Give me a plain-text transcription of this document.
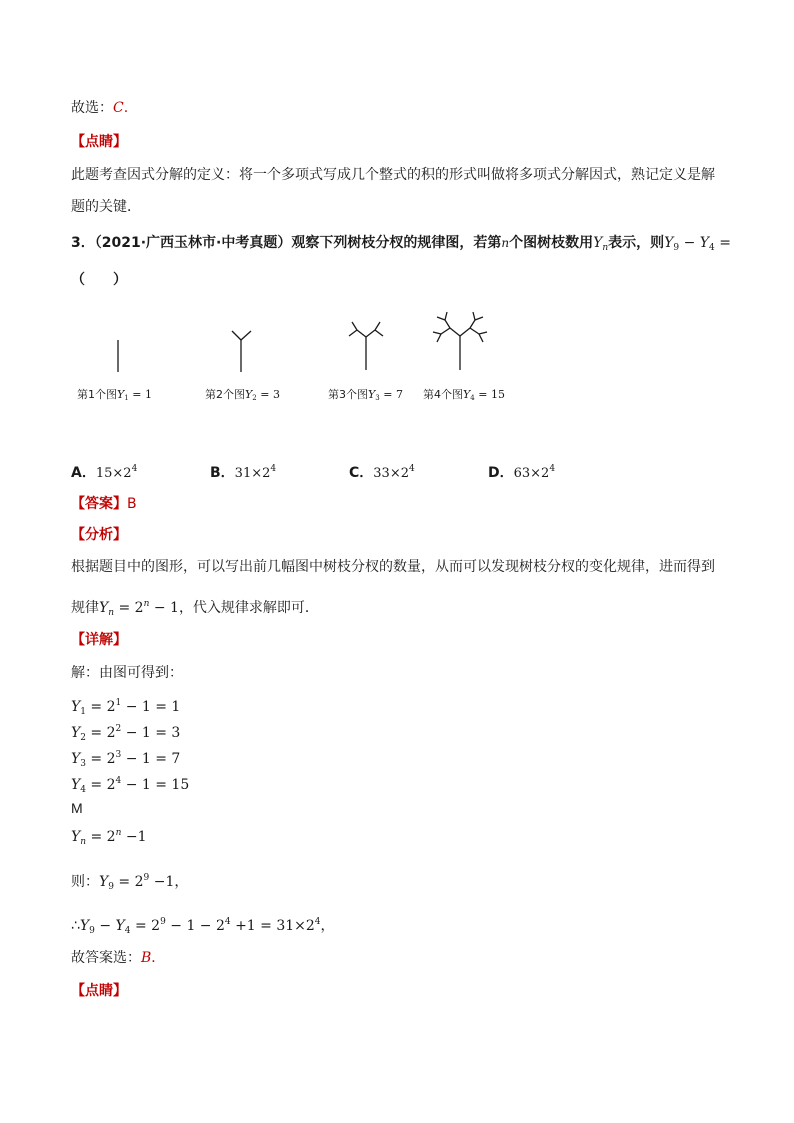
故选：C.
【点睛】
此题考查因式分解的定义：将一个多项式写成几个整式的积的形式叫做将多项式分解因式，熟记定义是解
题的关键．
3．（2021·广西玉林市·中考真题）观察下列树枝分杈的规律图，若第n个图树枝数用$Y_n$表示，则$Y_9 - Y_4$ =
（　　）
第1个图$Y_1 = 1$	第2个图$Y_2 = 3$	第3个图$Y_3 = 7$ 第4个图$Y_4 = 15$
A．$15\times 2^4$	B．$31\times 2^4$	C．$33\times 2^4$	D．$63\times 2^4$
【答案】B
【分析】
根据题目中的图形，可以写出前几幅图中树枝分杈的数量，从而可以发现树枝分杈的变化规律，进而得到
规律$Y_n = 2^n - 1$，代入规律求解即可．
【详解】
解：由图可得到：
$Y_1 = 2^1 - 1 = 1$
$Y_2 = 2^2 - 1 = 3$
$Y_3 = 2^3 - 1 = 7$
$Y_4 = 2^4 - 1 = 15$
M
$Y_n = 2^n -1$
则：$Y_9 = 2^9 -1$，
$\therefore Y_9 - Y_4 = 2^9 - 1 - 2^4 +1 = 31\times 2^4$，
故答案选：B．
【点睛】
